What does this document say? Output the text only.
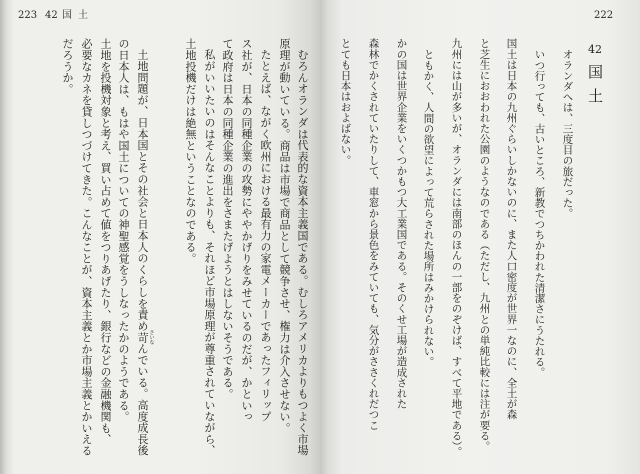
223 42 国土
むろんオランダは代表的な資本主義国である。むしろアメリカよりもつよく市場
原理が動いている。商品は市場で商品として競争させ、権力は介入させない。
たとえば、ながく欧州における最有力の家電メーカーであったフィリップ
ス社が、日本の同種企業の攻勢にややかげりをみせているのだが、かといっ
て政府は日本の同種企業の進出をさまたげようとはしないそうである。
私がいいたいのはそんなことよりも、それほど市場原理が尊重されていながら、
土地投機だけは絶無ということなのである。
土地問題が、日本国とその社会と日本人のくらしを責め苛 さいなんでいる。高度成長後
の日本人は、もはや国土についての神聖感覚をうしなったかのようである。
土地を投機対象と考え、買い占めて値をつりあげたり、銀行などの金融機関も、
必要なカネを貸しつづけてきた。こんなことが、資本主義とか市場主義とかいえる
だろうか。
222
42
国土
オランダへは、三度目の旅だった。
いつ行っても、古いところ、新教でつちかわれた清潔さにうたれる。
国土は日本の九州ぐらいしかないのに、また人口密度が世界一なのに、全土が森
と芝生におおわれた公園のようなのである（ただし、九州との単純比較には注が要る。
九州には山が多いが、オランダには南部のほんの一部をのぞけば、すべて平地である）。
ともかく、人間の欲望によって荒らされた場所はみかけられない。
かの国は世界企業をいくつかもつ大工業国である。そのくせ工場が造成された
森林でかくされていたりして、車窓から景色をみていても、気分がささくれだつこ
とても日本はおよばない。
